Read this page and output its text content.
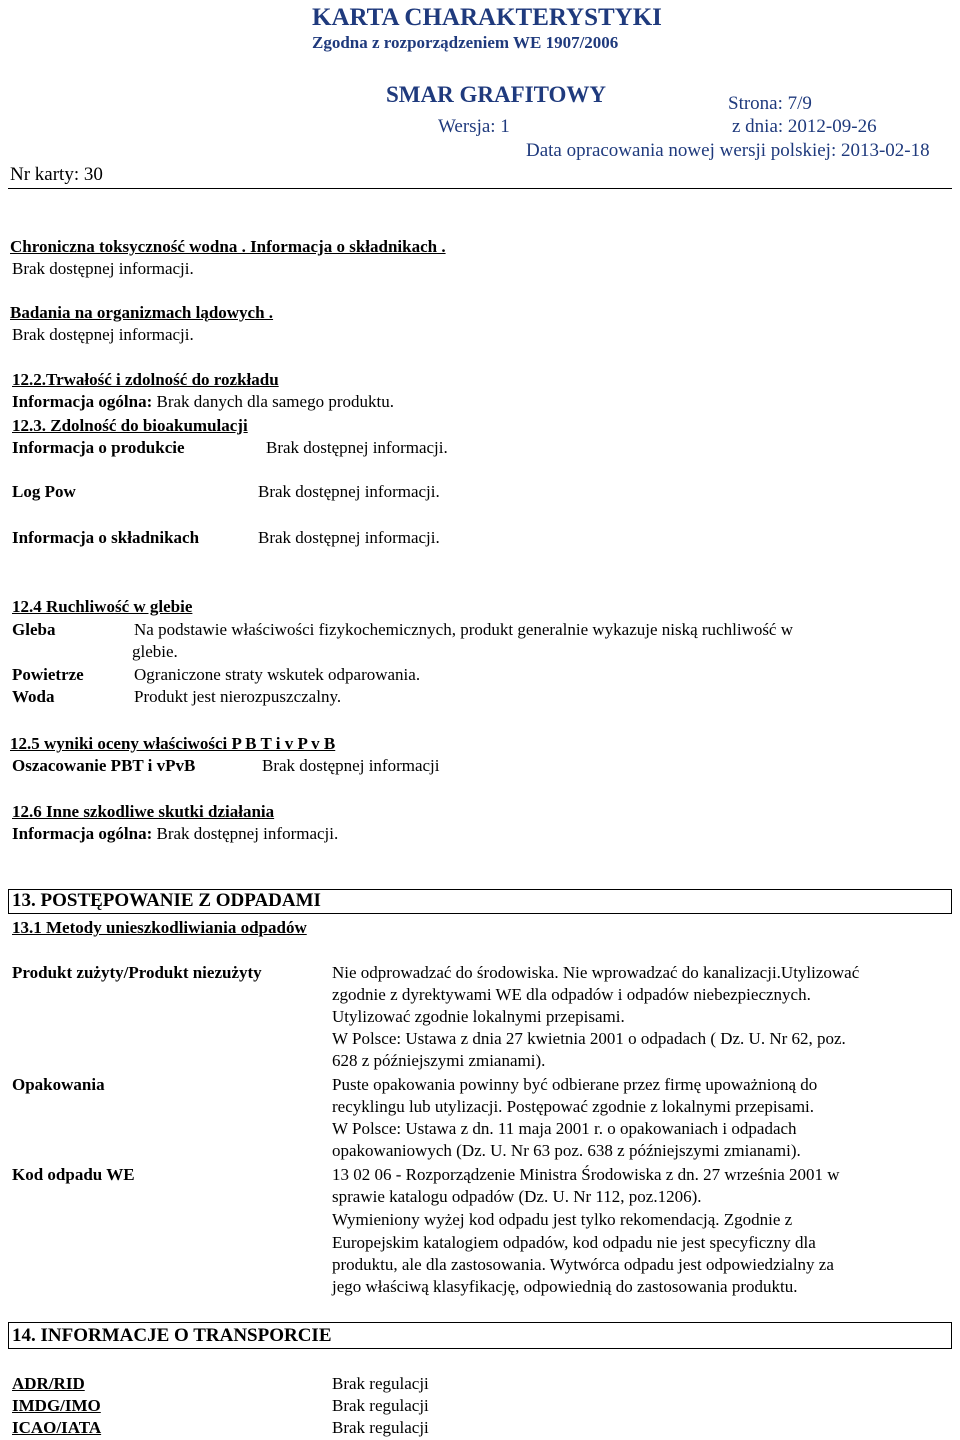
KARTA CHARAKTERYSTYKI
Zgodna z rozporządzeniem WE 1907/2006
SMAR GRAFITOWY	Strona: 7/9
Wersja: 1	z dnia: 2012-09-26
Data opracowania nowej wersji polskiej: 2013-02-18
Nr karty: 30
Chroniczna toksyczność wodna . Informacja o składnikach .
Brak dostępnej informacji.
Badania na organizmach lądowych .
Brak dostępnej informacji.
12.2.Trwałość i zdolność do rozkładu
Informacja ogólna: Brak danych dla samego produktu.
12.3. Zdolność do bioakumulacji
Informacja o produkcie	Brak dostępnej informacji.
Log Pow	Brak dostępnej informacji.
Informacja o składnikach	Brak dostępnej informacji.
12.4 Ruchliwość w glebie
Gleba	Na podstawie właściwości fizykochemicznych, produkt generalnie wykazuje niską ruchliwość w
glebie.
Powietrze	Ograniczone straty wskutek odparowania.
Woda	Produkt jest nierozpuszczalny.
12.5 wyniki oceny właściwości P B T i v P v B
Oszacowanie PBT i vPvB	Brak dostępnej informacji
12.6 Inne szkodliwe skutki działania
Informacja ogólna: Brak dostępnej informacji.
13. POSTĘPOWANIE Z ODPADAMI
13.1 Metody unieszkodliwiania odpadów
Produkt zużyty/Produkt niezużyty	Nie odprowadzać do środowiska. Nie wprowadzać do kanalizacji.Utylizować
zgodnie z dyrektywami WE dla odpadów i odpadów niebezpiecznych.
Utylizować zgodnie lokalnymi przepisami.
W Polsce: Ustawa z dnia 27 kwietnia 2001 o odpadach ( Dz. U. Nr 62, poz.
628 z późniejszymi zmianami).
Opakowania	Puste opakowania powinny być odbierane przez firmę upoważnioną do
recyklingu lub utylizacji. Postępować zgodnie z lokalnymi przepisami.
W Polsce: Ustawa z dn. 11 maja 2001 r. o opakowaniach i odpadach
opakowaniowych (Dz. U. Nr 63 poz. 638 z późniejszymi zmianami).
Kod odpadu WE	13 02 06 - Rozporządzenie Ministra Środowiska z dn. 27 września 2001 w
sprawie katalogu odpadów (Dz. U. Nr 112, poz.1206).
Wymieniony wyżej kod odpadu jest tylko rekomendacją. Zgodnie z
Europejskim katalogiem odpadów, kod odpadu nie jest specyficzny dla
produktu, ale dla zastosowania. Wytwórca odpadu jest odpowiedzialny za
jego właściwą klasyfikację, odpowiednią do zastosowania produktu.
14. INFORMACJE O TRANSPORCIE
ADR/RID	Brak regulacji
IMDG/IMO	Brak regulacji
ICAO/IATA	Brak regulacji
